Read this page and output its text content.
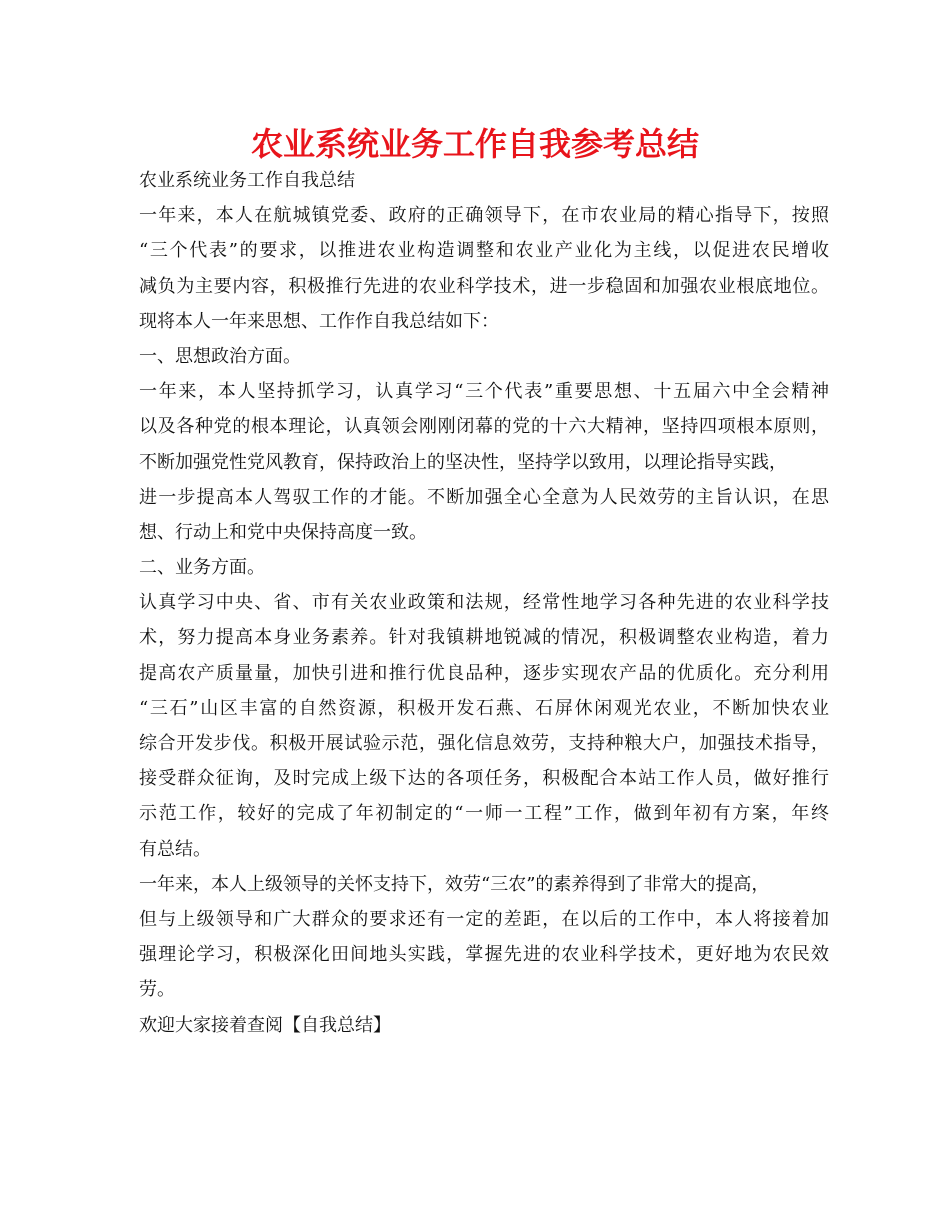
农业系统业务工作自我参考总结
农业系统业务工作自我总结
一年来，本人在航城镇党委、政府的正确领导下，在市农业局的精心指导下，按照
“三个代表”的要求，以推进农业构造调整和农业产业化为主线，以促进农民增收
减负为主要内容，积极推行先进的农业科学技术，进一步稳固和加强农业根底地位。
现将本人一年来思想、工作作自我总结如下：
一、思想政治方面。
一年来，本人坚持抓学习，认真学习“三个代表”重要思想、十五届六中全会精神
以及各种党的根本理论，认真领会刚刚闭幕的党的十六大精神，坚持四项根本原则，
不断加强党性党风教育，保持政治上的坚决性，坚持学以致用，以理论指导实践，
进一步提高本人驾驭工作的才能。不断加强全心全意为人民效劳的主旨认识，在思
想、行动上和党中央保持高度一致。
二、业务方面。
认真学习中央、省、市有关农业政策和法规，经常性地学习各种先进的农业科学技
术，努力提高本身业务素养。针对我镇耕地锐减的情况，积极调整农业构造，着力
提高农产质量量，加快引进和推行优良品种，逐步实现农产品的优质化。充分利用
“三石”山区丰富的自然资源，积极开发石燕、石屏休闲观光农业，不断加快农业
综合开发步伐。积极开展试验示范，强化信息效劳，支持种粮大户，加强技术指导，
接受群众征询，及时完成上级下达的各项任务，积极配合本站工作人员，做好推行
示范工作，较好的完成了年初制定的“一师一工程”工作，做到年初有方案，年终
有总结。
一年来，本人上级领导的关怀支持下，效劳“三农”的素养得到了非常大的提高，
但与上级领导和广大群众的要求还有一定的差距，在以后的工作中，本人将接着加
强理论学习，积极深化田间地头实践，掌握先进的农业科学技术，更好地为农民效
劳。
欢迎大家接着查阅【自我总结】
